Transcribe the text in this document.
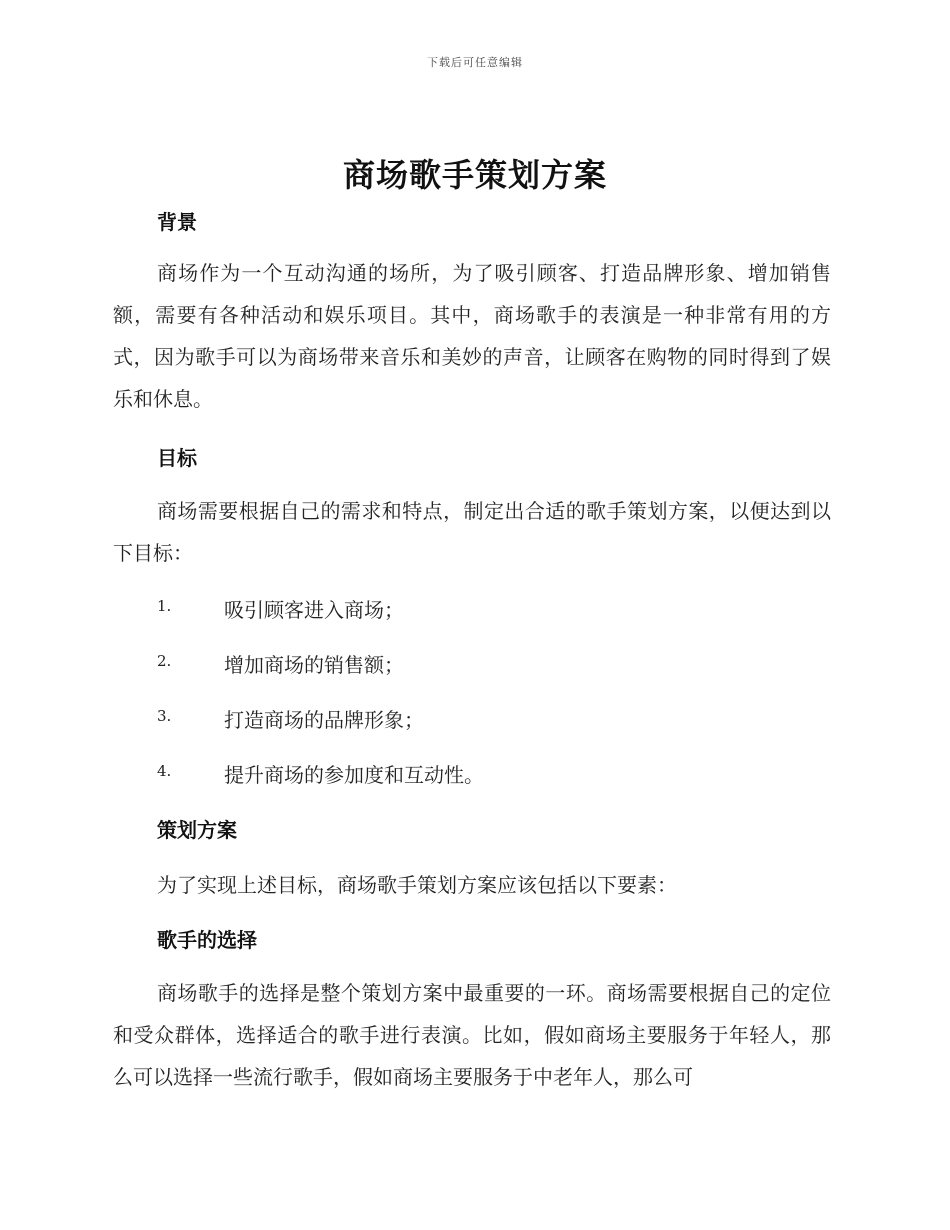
下载后可任意编辑
商场歌手策划方案
背景
商场作为一个互动沟通的场所，为了吸引顾客、打造品牌形象、增加销售额，需要有各种活动和娱乐项目。其中，商场歌手的表演是一种非常有用的方式，因为歌手可以为商场带来音乐和美妙的声音，让顾客在购物的同时得到了娱乐和休息。
目标
商场需要根据自己的需求和特点，制定出合适的歌手策划方案，以便达到以下目标：
1.	吸引顾客进入商场；
2.	增加商场的销售额；
3.	打造商场的品牌形象；
4.	提升商场的参加度和互动性。
策划方案
为了实现上述目标，商场歌手策划方案应该包括以下要素：
歌手的选择
商场歌手的选择是整个策划方案中最重要的一环。商场需要根据自己的定位和受众群体，选择适合的歌手进行表演。比如，假如商场主要服务于年轻人，那么可以选择一些流行歌手，假如商场主要服务于中老年人，那么可
